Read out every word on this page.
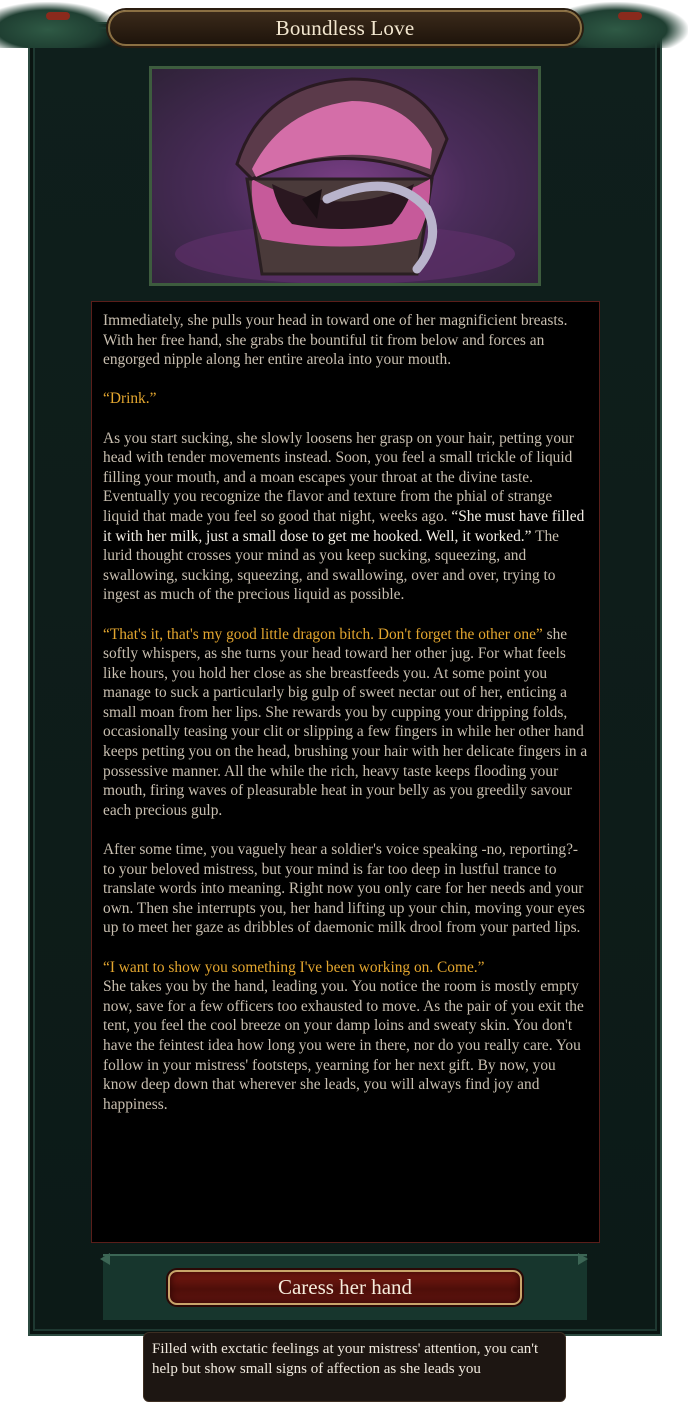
Boundless Love

Immediately, she pulls your head in toward one of her magnificient breasts. With her free hand, she grabs the bountiful tit from below and forces an engorged nipple along her entire areola into your mouth.

“Drink.”

As you start sucking, she slowly loosens her grasp on your hair, petting your head with tender movements instead. Soon, you feel a small trickle of liquid filling your mouth, and a moan escapes your throat at the divine taste. Eventually you recognize the flavor and texture from the phial of strange liquid that made you feel so good that night, weeks ago. “She must have filled it with her milk, just a small dose to get me hooked. Well, it worked.” The lurid thought crosses your mind as you keep sucking, squeezing, and swallowing, sucking, squeezing, and swallowing, over and over, trying to ingest as much of the precious liquid as possible.

“That's it, that's my good little dragon bitch. Don't forget the other one” she softly whispers, as she turns your head toward her other jug. For what feels like hours, you hold her close as she breastfeeds you. At some point you manage to suck a particularly big gulp of sweet nectar out of her, enticing a small moan from her lips. She rewards you by cupping your dripping folds, occasionally teasing your clit or slipping a few fingers in while her other hand keeps petting you on the head, brushing your hair with her delicate fingers in a possessive manner. All the while the rich, heavy taste keeps flooding your mouth, firing waves of pleasurable heat in your belly as you greedily savour each precious gulp.

After some time, you vaguely hear a soldier's voice speaking -no, reporting?- to your beloved mistress, but your mind is far too deep in lustful trance to translate words into meaning. Right now you only care for her needs and your own. Then she interrupts you, her hand lifting up your chin, moving your eyes up to meet her gaze as dribbles of daemonic milk drool from your parted lips.

“I want to show you something I've been working on. Come.”
She takes you by the hand, leading you. You notice the room is mostly empty now, save for a few officers too exhausted to move. As the pair of you exit the tent, you feel the cool breeze on your damp loins and sweaty skin. You don't have the feintest idea how long you were in there, nor do you really care. You follow in your mistress' footsteps, yearning for her next gift. By now, you know deep down that wherever she leads, you will always find joy and happiness.

Caress her hand
Filled with exctatic feelings at your mistress' attention, you can't help but show small signs of affection as she leads you
